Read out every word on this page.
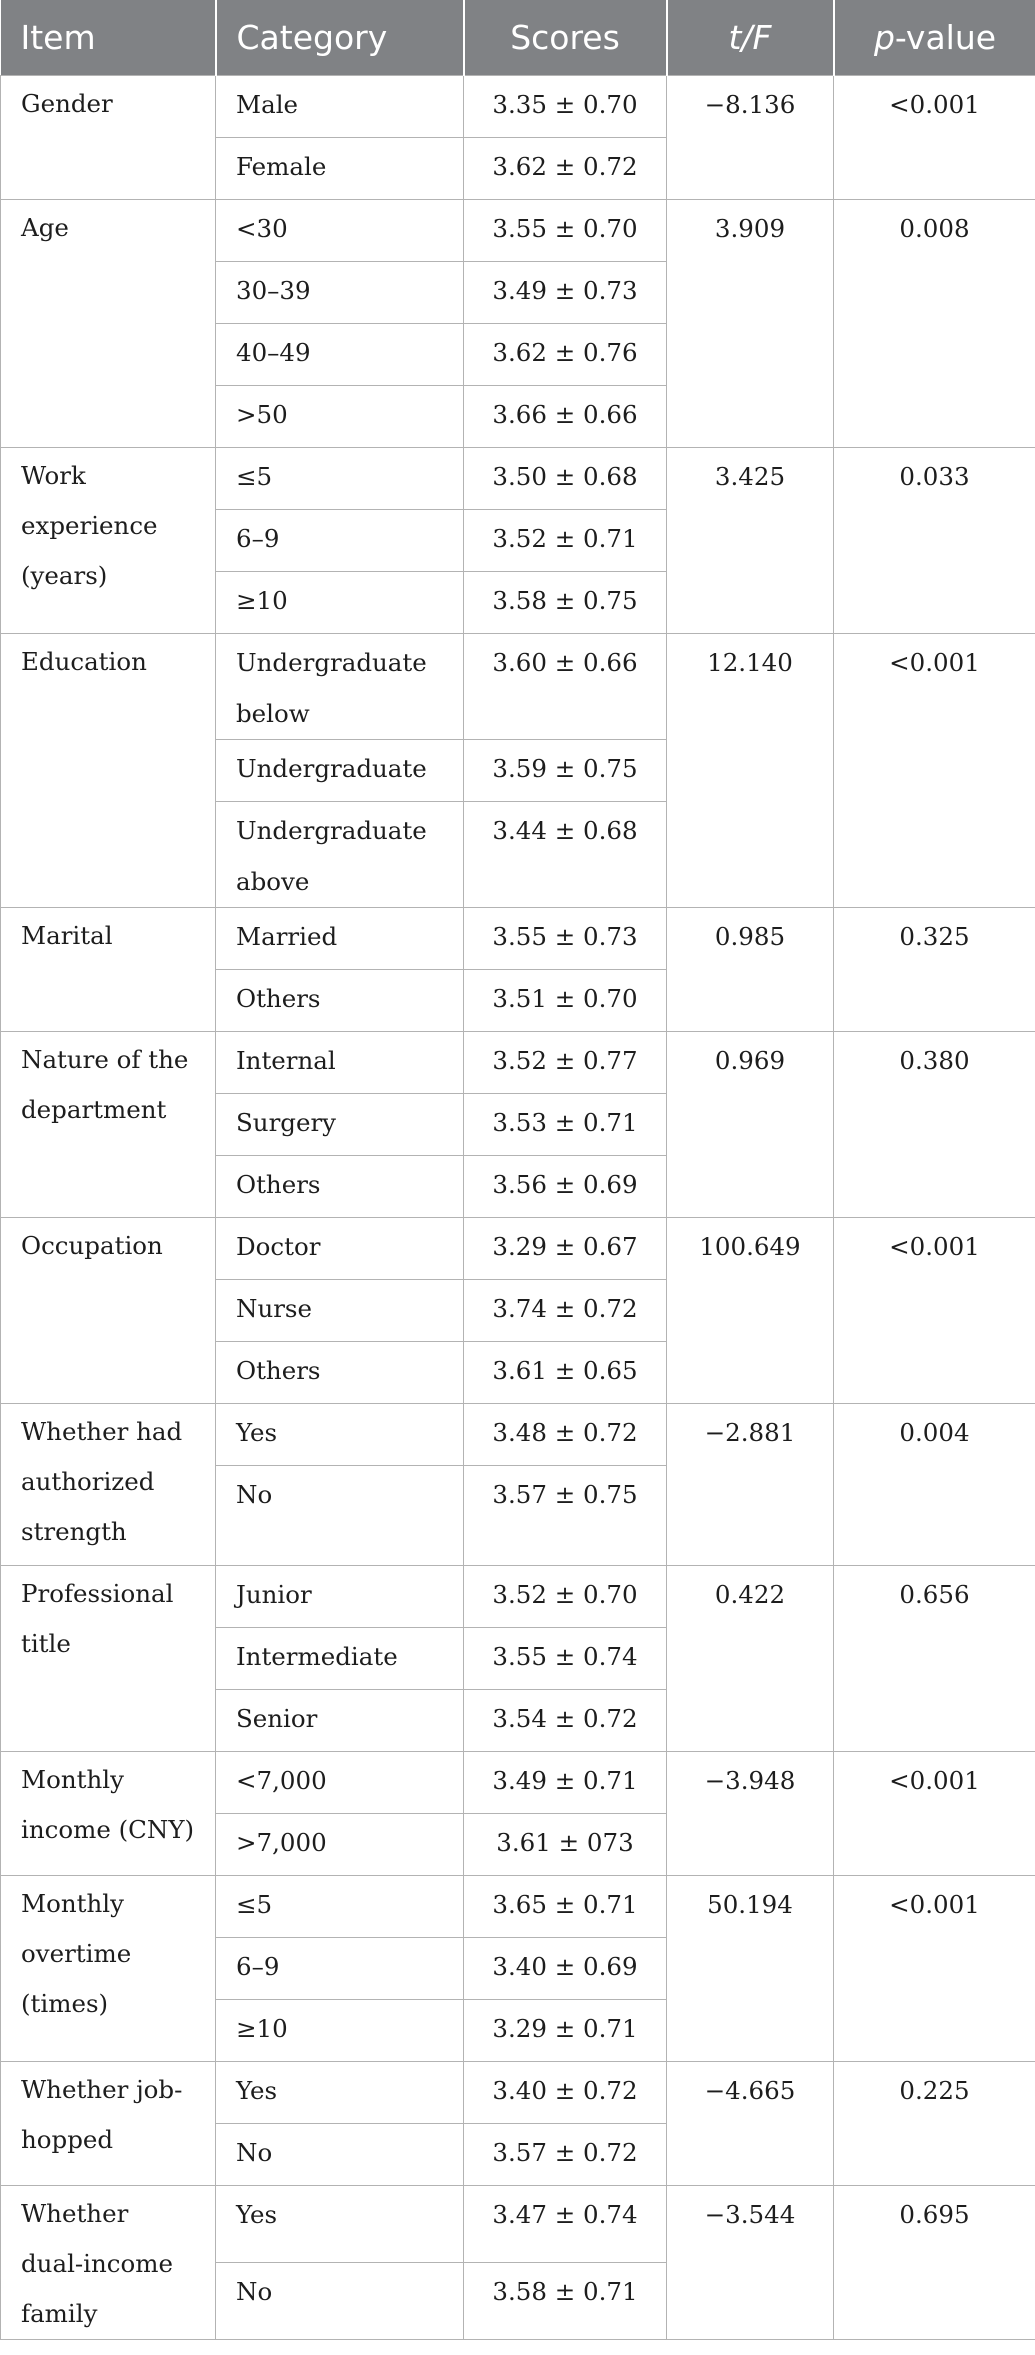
Item	Category	Scores	t/F	p-value

Gender	Male	3.35 ± 0.70	−8.136	<0.001

	Female	3.62 ± 0.72		

Age	<30	3.55 ± 0.70	3.909	0.008

	30–39	3.49 ± 0.73		

	40–49	3.62 ± 0.76		

	>50	3.66 ± 0.66		

Work experience (years)	≤5	3.50 ± 0.68	3.425	0.033

	6–9	3.52 ± 0.71		

	≥10	3.58 ± 0.75		

Education	Undergraduate below	3.60 ± 0.66	12.140	<0.001

	Undergraduate	3.59 ± 0.75		

	Undergraduate above	3.44 ± 0.68		

Marital	Married	3.55 ± 0.73	0.985	0.325

	Others	3.51 ± 0.70		

Nature of the department	Internal	3.52 ± 0.77	0.969	0.380

	Surgery	3.53 ± 0.71		

	Others	3.56 ± 0.69		

Occupation	Doctor	3.29 ± 0.67	100.649	<0.001

	Nurse	3.74 ± 0.72		

	Others	3.61 ± 0.65		

Whether had authorized strength	Yes	3.48 ± 0.72	−2.881	0.004

	No	3.57 ± 0.75		

Professional title	Junior	3.52 ± 0.70	0.422	0.656

	Intermediate	3.55 ± 0.74		

	Senior	3.54 ± 0.72		

Monthly income (CNY)	<7,000	3.49 ± 0.71	−3.948	<0.001

	>7,000	3.61 ± 073		

Monthly overtime (times)	≤5	3.65 ± 0.71	50.194	<0.001

	6–9	3.40 ± 0.69		

	≥10	3.29 ± 0.71		

Whether job-hopped	Yes	3.40 ± 0.72	−4.665	0.225

	No	3.57 ± 0.72		

Whether dual-income family	Yes	3.47 ± 0.74	−3.544	0.695

	No	3.58 ± 0.71		
